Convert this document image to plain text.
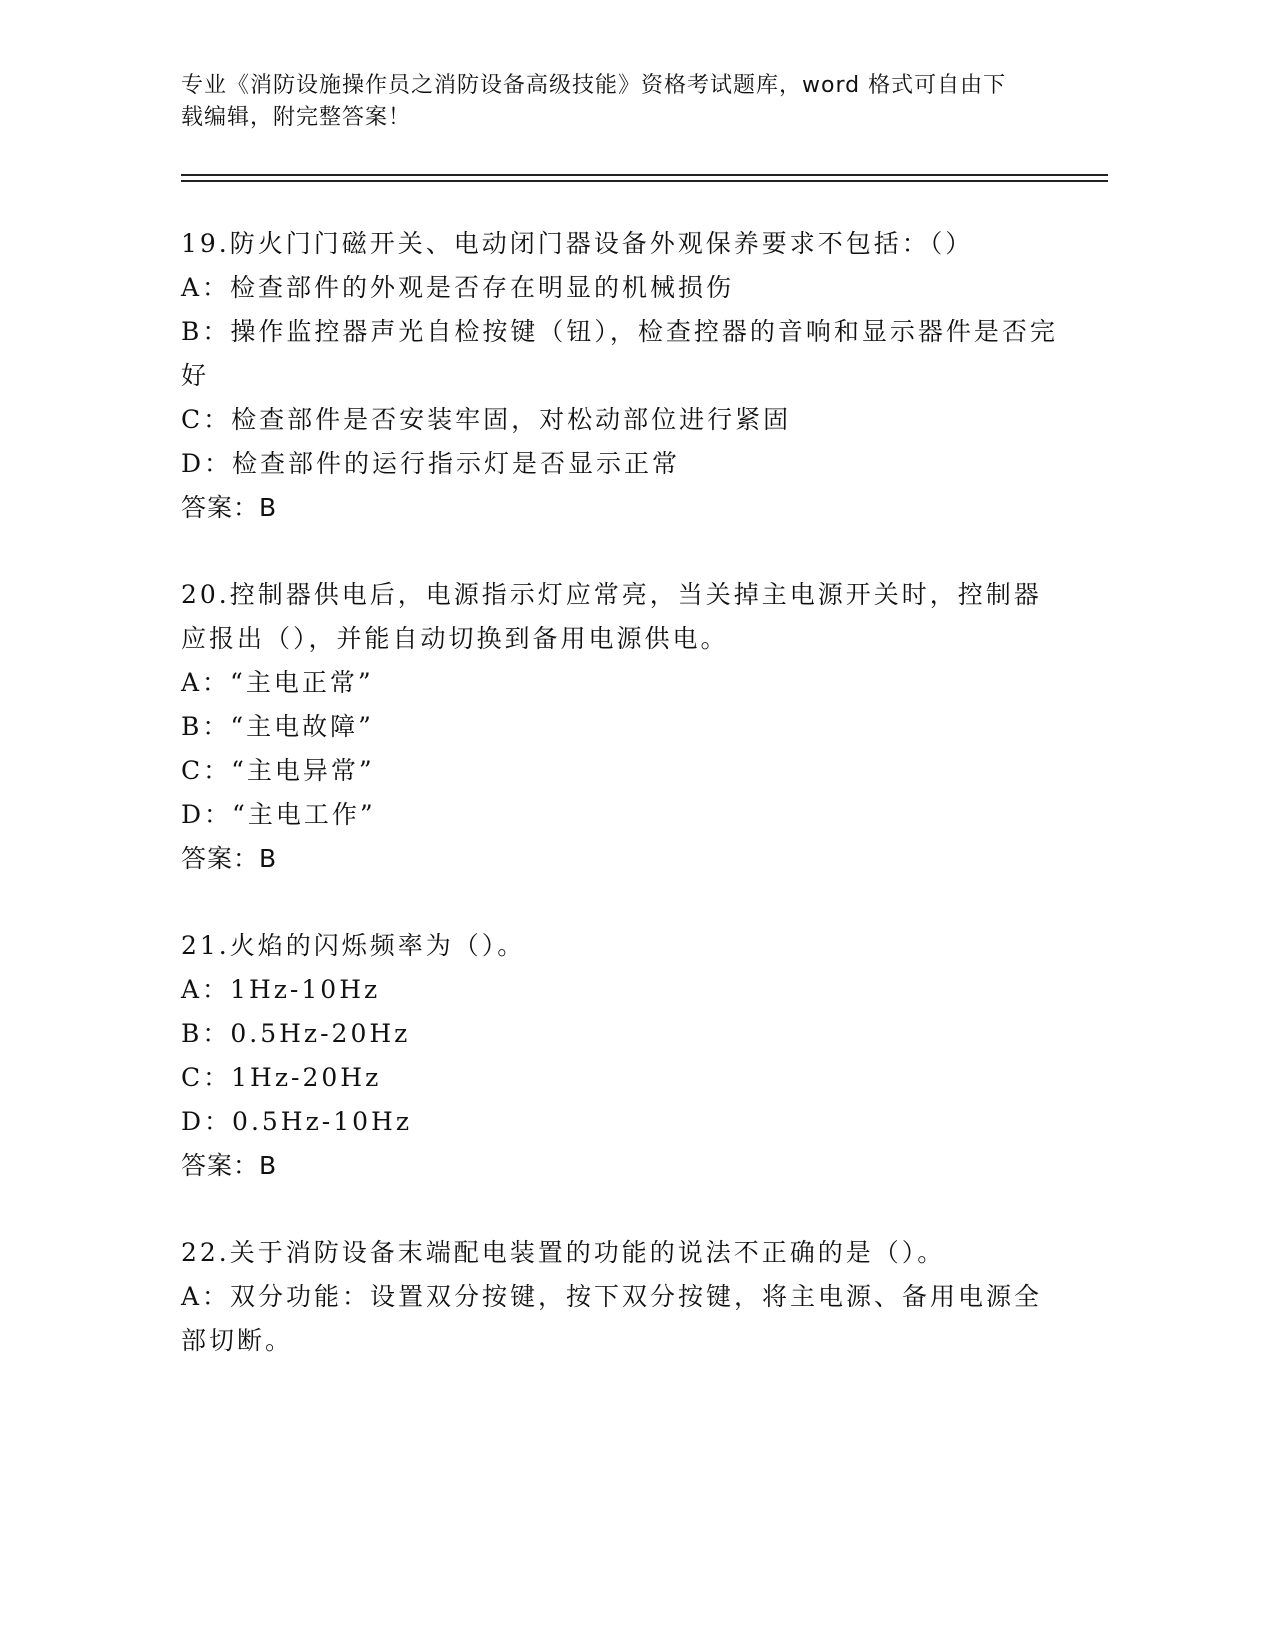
专业《消防设施操作员之消防设备高级技能》资格考试题库，word 格式可自由下
载编辑，附完整答案！
19.防火门门磁开关、电动闭门器设备外观保养要求不包括：（）
A：检查部件的外观是否存在明显的机械损伤
B：操作监控器声光自检按键（钮），检查控器的音响和显示器件是否完好
C：检查部件是否安装牢固，对松动部位进行紧固
D：检查部件的运行指示灯是否显示正常
答案：B
20.控制器供电后，电源指示灯应常亮，当关掉主电源开关时，控制器应报出（），并能自动切换到备用电源供电。
A：“主电正常”
B：“主电故障”
C：“主电异常”
D：“主电工作”
答案：B
21.火焰的闪烁频率为（）。
A：1Hz-10Hz
B：0.5Hz-20Hz
C：1Hz-20Hz
D：0.5Hz-10Hz
答案：B
22.关于消防设备末端配电装置的功能的说法不正确的是（）。
A：双分功能：设置双分按键，按下双分按键，将主电源、备用电源全部切断。
